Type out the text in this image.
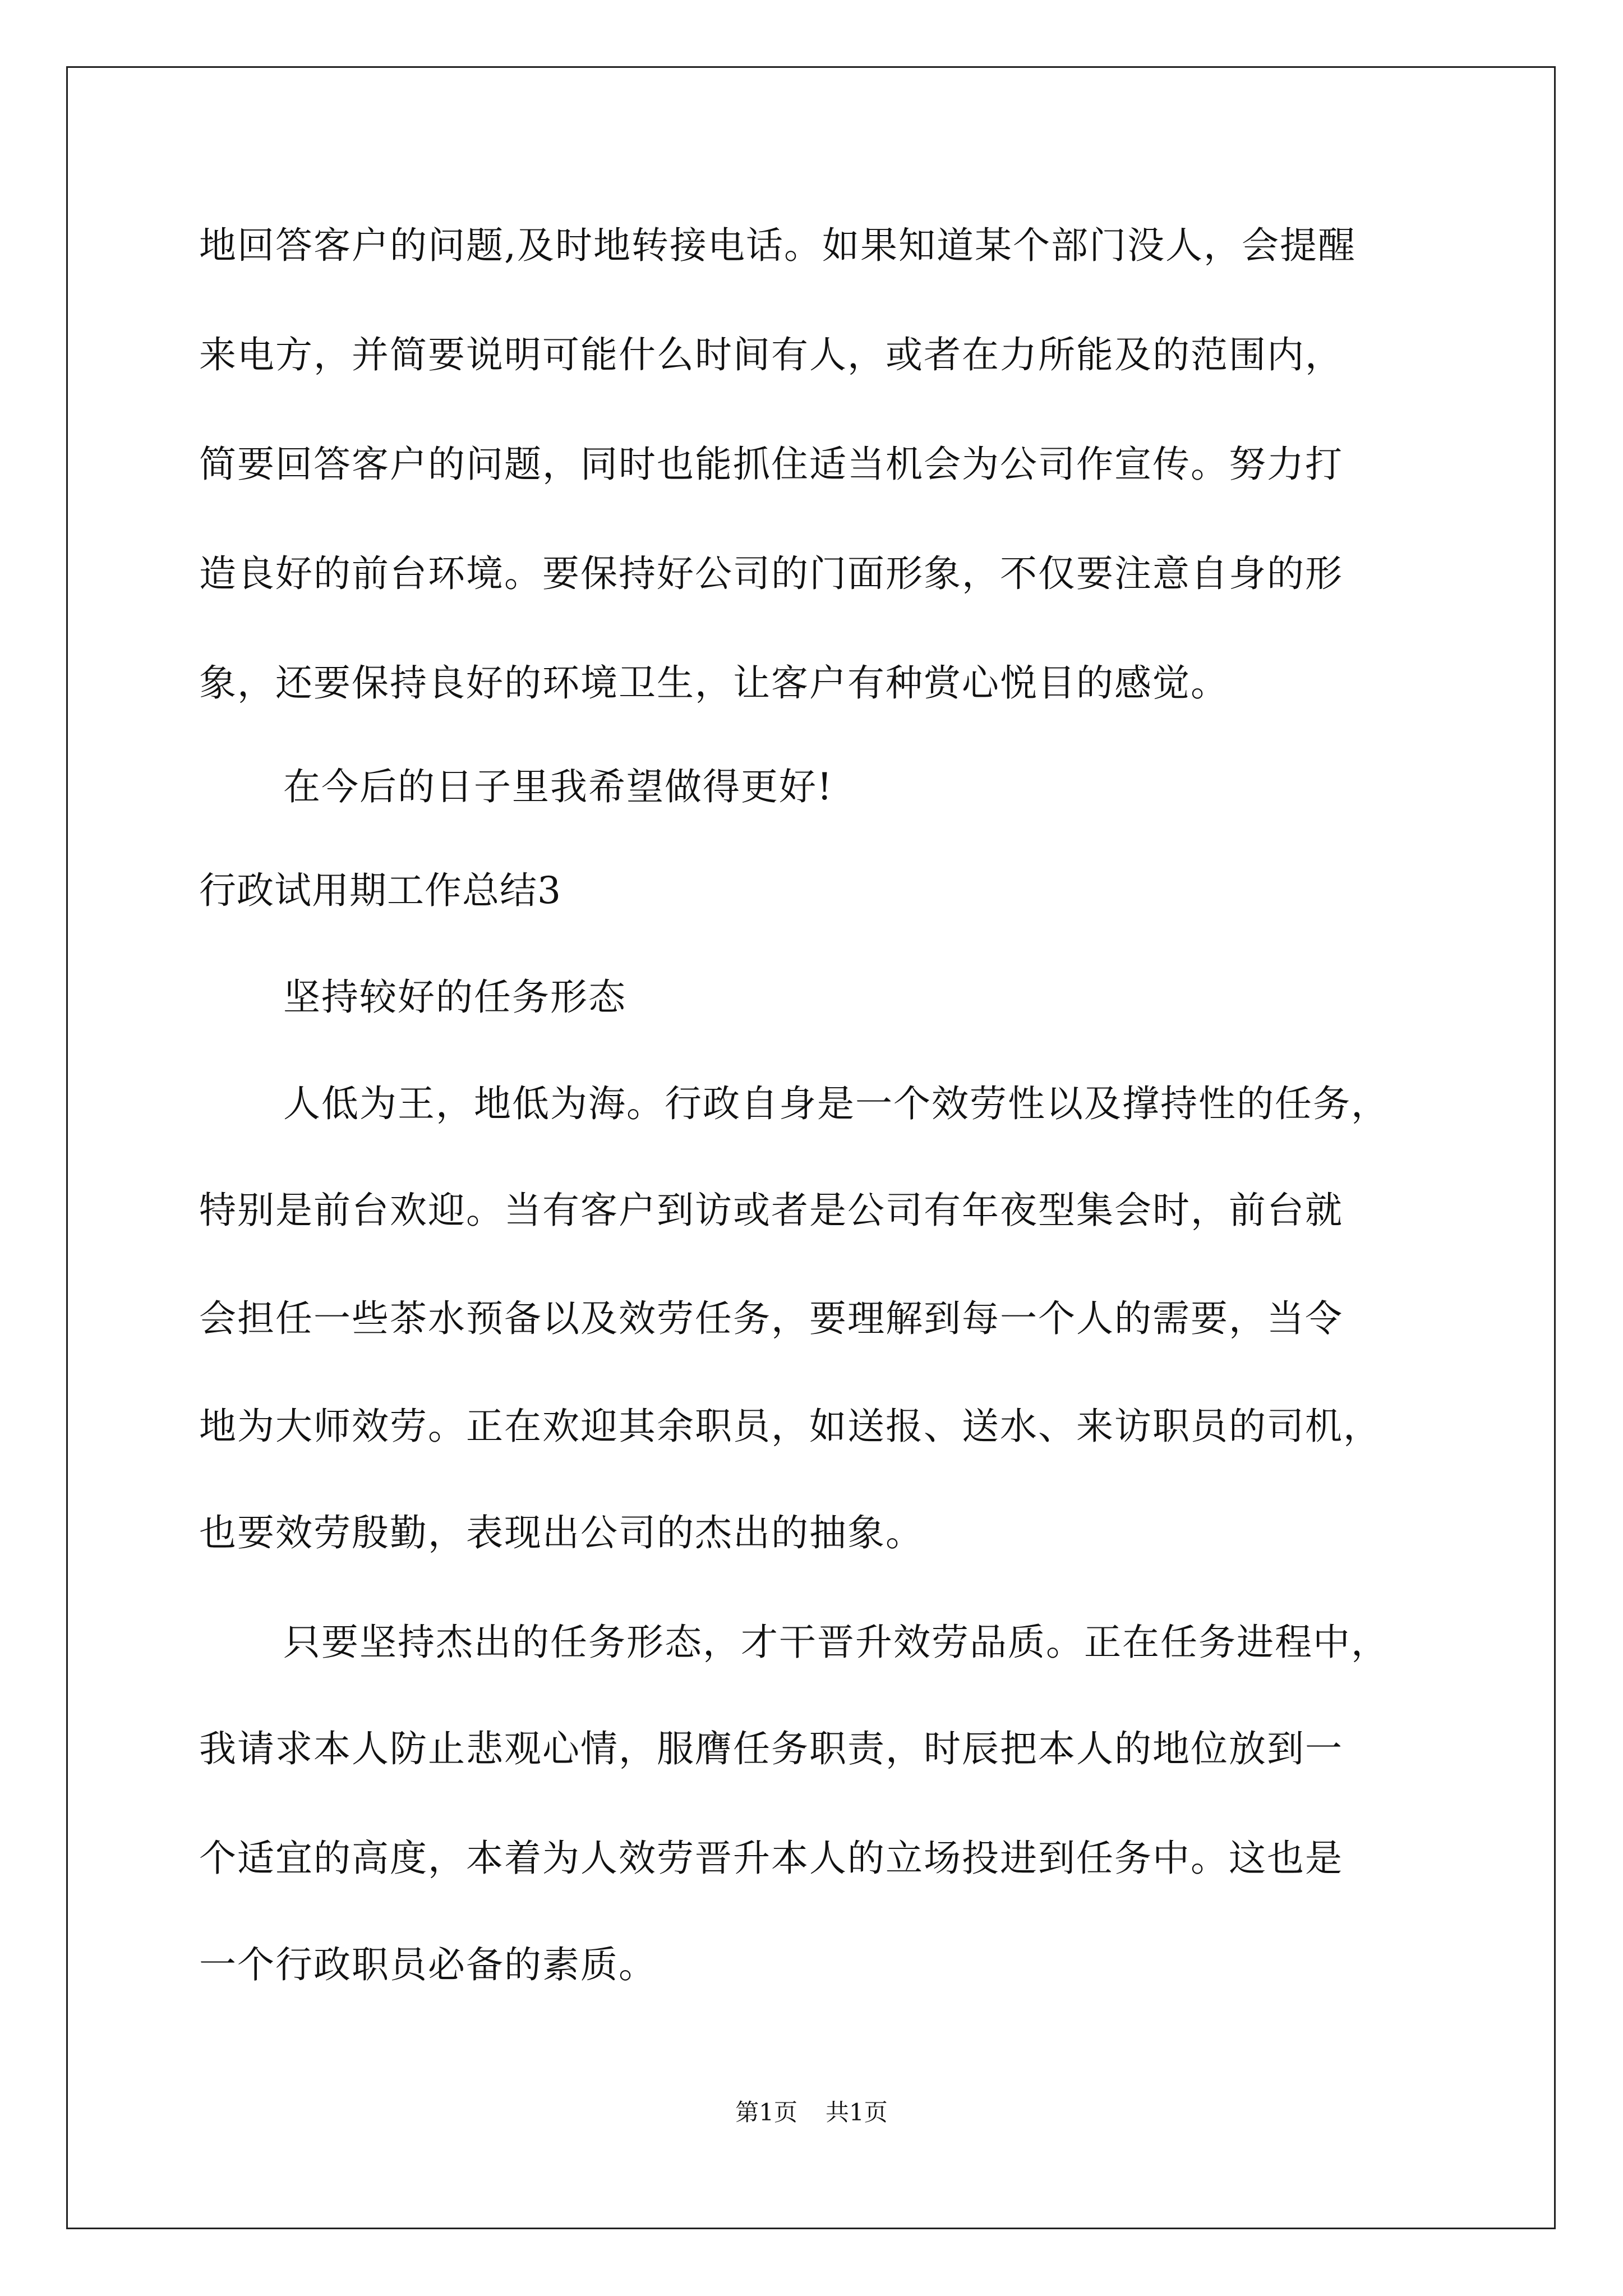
地回答客户的问题,及时地转接电话。如果知道某个部门没人，会提醒
来电方，并简要说明可能什么时间有人，或者在力所能及的范围内，
简要回答客户的问题，同时也能抓住适当机会为公司作宣传。努力打
造良好的前台环境。要保持好公司的门面形象，不仅要注意自身的形
象，还要保持良好的环境卫生，让客户有种赏心悦目的感觉。
在今后的日子里我希望做得更好!
行政试用期工作总结3
坚持较好的任务形态
人低为王，地低为海。行政自身是一个效劳性以及撑持性的任务，
特别是前台欢迎。当有客户到访或者是公司有年夜型集会时，前台就
会担任一些茶水预备以及效劳任务，要理解到每一个人的需要，当令
地为大师效劳。正在欢迎其余职员，如送报、送水、来访职员的司机，
也要效劳殷勤，表现出公司的杰出的抽象。
只要坚持杰出的任务形态，才干晋升效劳品质。正在任务进程中，
我请求本人防止悲观心情，服膺任务职责，时辰把本人的地位放到一
个适宜的高度，本着为人效劳晋升本人的立场投进到任务中。这也是
一个行政职员必备的素质。
第1页 共1页
